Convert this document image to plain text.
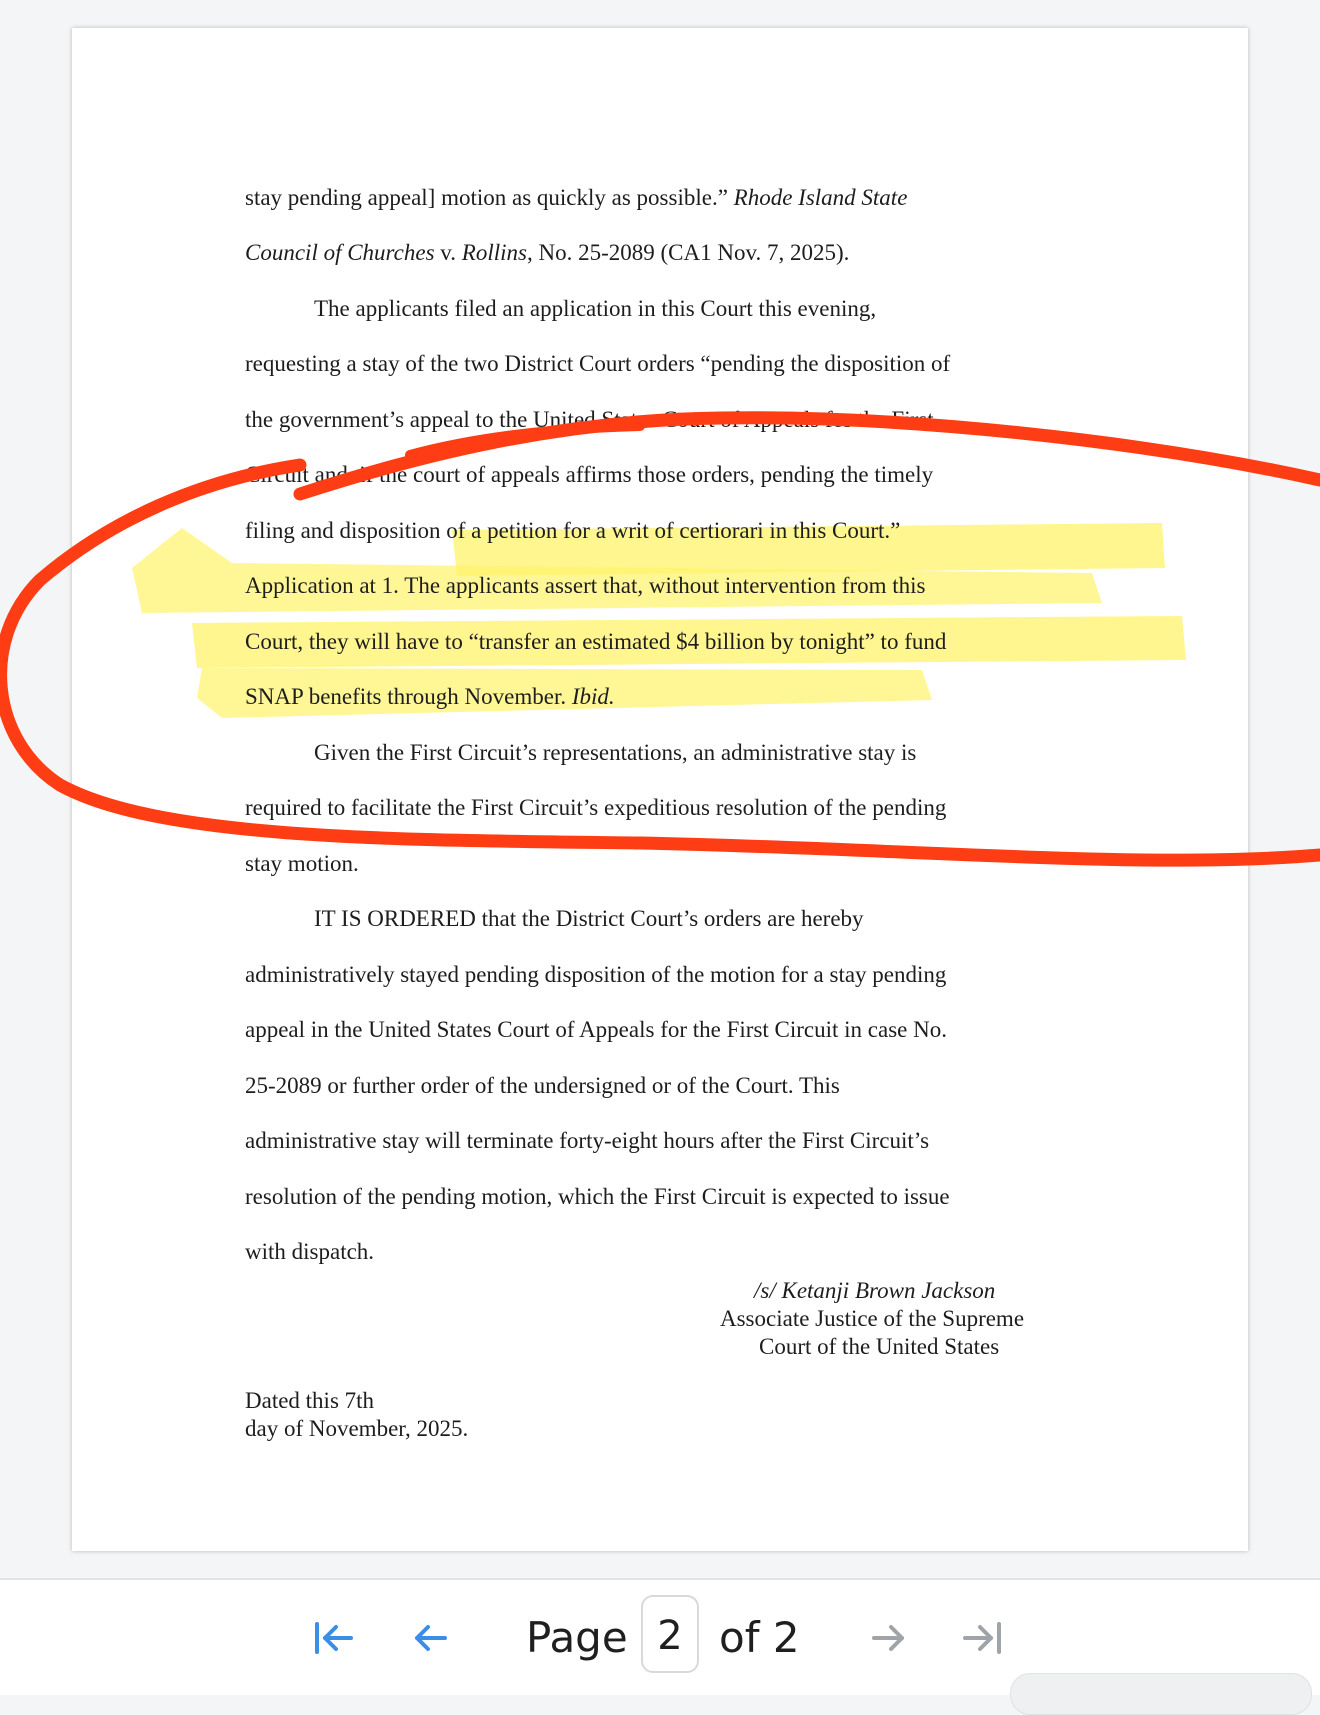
stay pending appeal] motion as quickly as possible.” Rhode Island State
Council of Churches v. Rollins, No. 25-2089 (CA1 Nov. 7, 2025).
The applicants filed an application in this Court this evening,
requesting a stay of the two District Court orders “pending the disposition of
the government’s appeal to the United States Court of Appeals for the First
Circuit and, if the court of appeals affirms those orders, pending the timely
filing and disposition of a petition for a writ of certiorari in this Court.”
Application at 1. The applicants assert that, without intervention from this
Court, they will have to “transfer an estimated $4 billion by tonight” to fund
SNAP benefits through November. Ibid.
Given the First Circuit’s representations, an administrative stay is
required to facilitate the First Circuit’s expeditious resolution of the pending
stay motion.
IT IS ORDERED that the District Court’s orders are hereby
administratively stayed pending disposition of the motion for a stay pending
appeal in the United States Court of Appeals for the First Circuit in case No.
25-2089 or further order of the undersigned or of the Court. This
administrative stay will terminate forty-eight hours after the First Circuit’s
resolution of the pending motion, which the First Circuit is expected to issue
with dispatch.
/s/ Ketanji Brown Jackson
Associate Justice of the Supreme
Court of the United States
Dated this 7th
day of November, 2025.
Page 2 of 2
